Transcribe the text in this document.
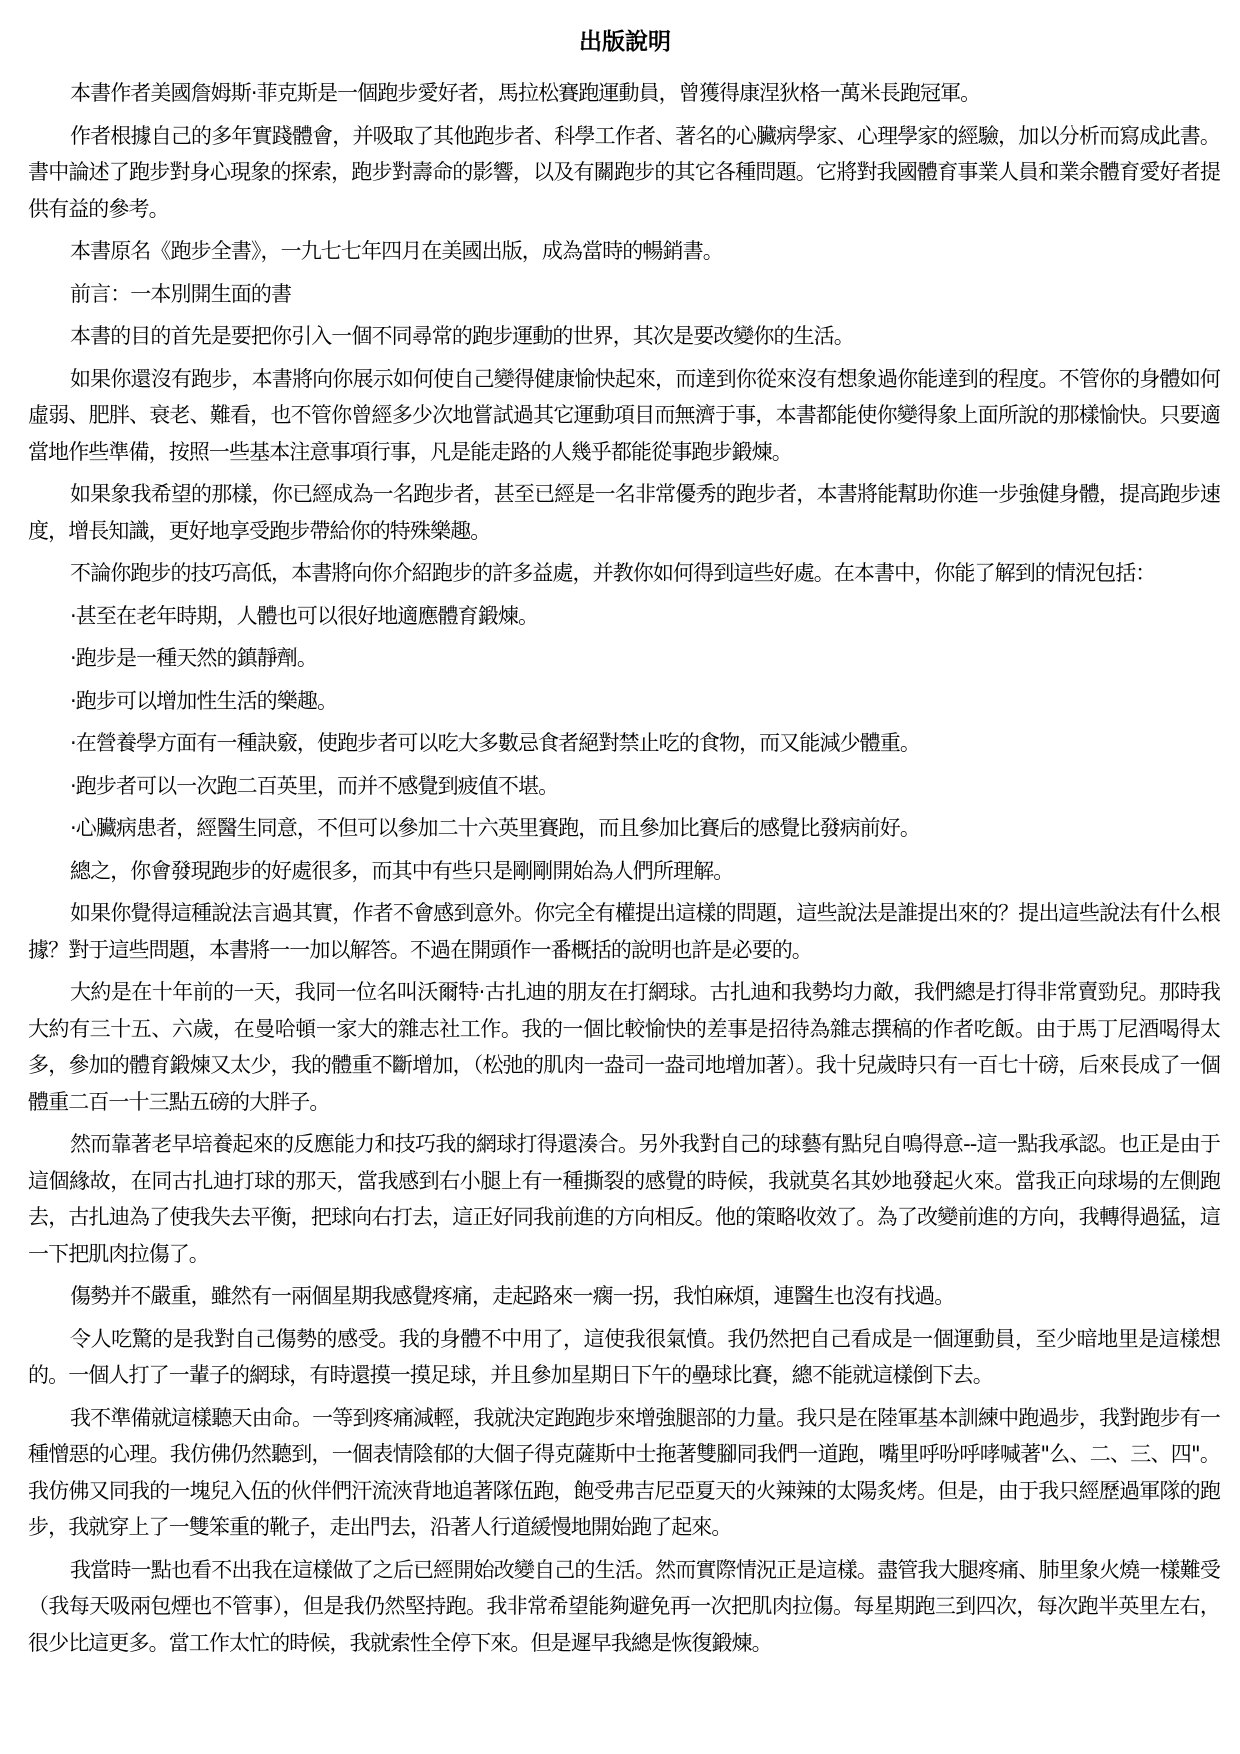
出版說明

本書作者美國詹姆斯·菲克斯是一個跑步愛好者，馬拉松賽跑運動員，曾獲得康涅狄格一萬米長跑冠軍。

作者根據自己的多年實踐體會，并吸取了其他跑步者、科學工作者、著名的心臟病學家、心理學家的經驗，加以分析而寫成此書。書中論述了跑步對身心現象的探索，跑步對壽命的影響，以及有關跑步的其它各種問題。它將對我國體育事業人員和業余體育愛好者提供有益的參考。

本書原名《跑步全書》，一九七七年四月在美國出版，成為當時的暢銷書。

前言：一本別開生面的書

本書的目的首先是要把你引入一個不同尋常的跑步運動的世界，其次是要改變你的生活。

如果你還沒有跑步，本書將向你展示如何使自己變得健康愉快起來，而達到你從來沒有想象過你能達到的程度。不管你的身體如何虛弱、肥胖、衰老、難看，也不管你曾經多少次地嘗試過其它運動項目而無濟于事，本書都能使你變得象上面所說的那樣愉快。只要適當地作些準備，按照一些基本注意事項行事，凡是能走路的人幾乎都能從事跑步鍛煉。

如果象我希望的那樣，你已經成為一名跑步者，甚至已經是一名非常優秀的跑步者，本書將能幫助你進一步強健身體，提高跑步速度，增長知識，更好地享受跑步帶給你的特殊樂趣。

不論你跑步的技巧高低，本書將向你介紹跑步的許多益處，并教你如何得到這些好處。在本書中，你能了解到的情況包括：

·甚至在老年時期，人體也可以很好地適應體育鍛煉。

·跑步是一種天然的鎮靜劑。

·跑步可以增加性生活的樂趣。

·在營養學方面有一種訣竅，使跑步者可以吃大多數忌食者絕對禁止吃的食物，而又能減少體重。

·跑步者可以一次跑二百英里，而并不感覺到疲值不堪。

·心臟病患者，經醫生同意，不但可以參加二十六英里賽跑，而且參加比賽后的感覺比發病前好。

總之，你會發現跑步的好處很多，而其中有些只是剛剛開始為人們所理解。

如果你覺得這種說法言過其實，作者不會感到意外。你完全有權提出這樣的問題，這些說法是誰提出來的？提出這些說法有什么根據？對于這些問題，本書將一一加以解答。不過在開頭作一番概括的說明也許是必要的。

大約是在十年前的一天，我同一位名叫沃爾特·古扎迪的朋友在打網球。古扎迪和我勢均力敵，我們總是打得非常賣勁兒。那時我大約有三十五、六歲，在曼哈頓一家大的雜志社工作。我的一個比較愉快的差事是招待為雜志撰稿的作者吃飯。由于馬丁尼酒喝得太多，參加的體育鍛煉又太少，我的體重不斷增加，（松弛的肌肉一盎司一盎司地增加著）。我十兒歲時只有一百七十磅，后來長成了一個體重二百一十三點五磅的大胖子。

然而靠著老早培養起來的反應能力和技巧我的網球打得還湊合。另外我對自己的球藝有點兒自鳴得意--這一點我承認。也正是由于這個緣故，在同古扎迪打球的那天，當我感到右小腿上有一種撕裂的感覺的時候，我就莫名其妙地發起火來。當我正向球場的左側跑去，古扎迪為了使我失去平衡，把球向右打去，這正好同我前進的方向相反。他的策略收效了。為了改變前進的方向，我轉得過猛，這一下把肌肉拉傷了。

傷勢并不嚴重，雖然有一兩個星期我感覺疼痛，走起路來一瘸一拐，我怕麻煩，連醫生也沒有找過。

令人吃驚的是我對自己傷勢的感受。我的身體不中用了，這使我很氣憤。我仍然把自己看成是一個運動員，至少暗地里是這樣想的。一個人打了一輩子的網球，有時還摸一摸足球，并且參加星期日下午的壘球比賽，總不能就這樣倒下去。

我不準備就這樣聽天由命。一等到疼痛減輕，我就決定跑跑步來增強腿部的力量。我只是在陸軍基本訓練中跑過步，我對跑步有一種憎惡的心理。我仿佛仍然聽到，一個表情陰郁的大個子得克薩斯中士拖著雙腳同我們一道跑，嘴里呼吩呼哮喊著"么、二、三、四"。我仿佛又同我的一塊兒入伍的伙伴們汗流浹背地追著隊伍跑，飽受弗吉尼亞夏天的火辣辣的太陽炙烤。但是，由于我只經歷過軍隊的跑步，我就穿上了一雙笨重的靴子，走出門去，沿著人行道緩慢地開始跑了起來。

我當時一點也看不出我在這樣做了之后已經開始改變自己的生活。然而實際情況正是這樣。盡管我大腿疼痛、肺里象火燒一樣難受（我每天吸兩包煙也不管事），但是我仍然堅持跑。我非常希望能夠避免再一次把肌肉拉傷。每星期跑三到四次，每次跑半英里左右，很少比這更多。當工作太忙的時候，我就索性全停下來。但是遲早我總是恢復鍛煉。
